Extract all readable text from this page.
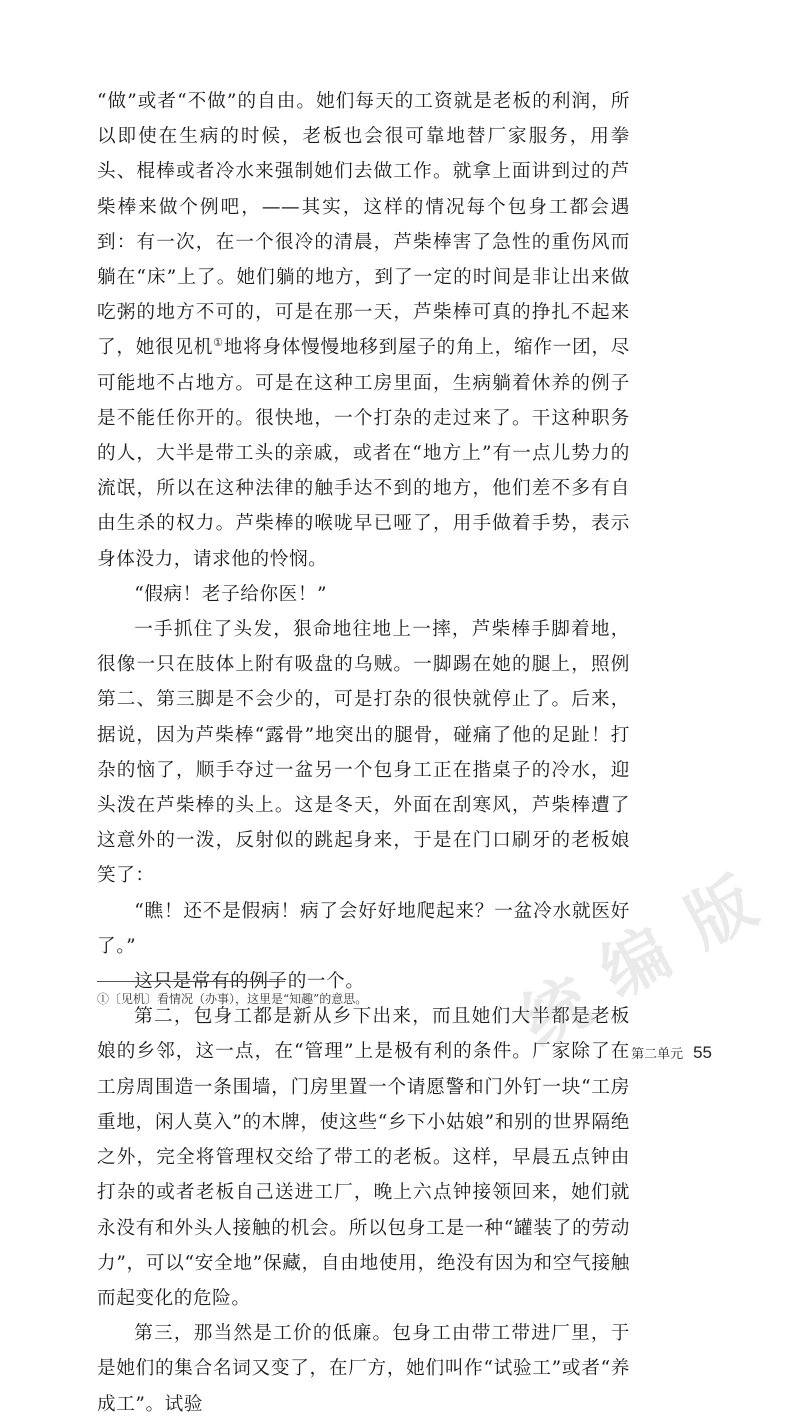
“做”或者“不做”的自由。她们每天的工资就是老板的利润，所以即使在生病的时候，老板也会很可靠地替厂家服务，用拳头、棍棒或者冷水来强制她们去做工作。就拿上面讲到过的芦柴棒来做个例吧，——其实，这样的情况每个包身工都会遇到：有一次，在一个很冷的清晨，芦柴棒害了急性的重伤风而躺在“床”上了。她们躺的地方，到了一定的时间是非让出来做吃粥的地方不可的，可是在那一天，芦柴棒可真的挣扎不起来了，她很见机①地将身体慢慢地移到屋子的角上，缩作一团，尽可能地不占地方。可是在这种工房里面，生病躺着休养的例子是不能任你开的。很快地，一个打杂的走过来了。干这种职务的人，大半是带工头的亲戚，或者在“地方上”有一点儿势力的流氓，所以在这种法律的触手达不到的地方，他们差不多有自由生杀的权力。芦柴棒的喉咙早已哑了，用手做着手势，表示身体没力，请求他的怜悯。

“假病！老子给你医！”

一手抓住了头发，狠命地往地上一摔，芦柴棒手脚着地，很像一只在肢体上附有吸盘的乌贼。一脚踢在她的腿上，照例第二、第三脚是不会少的，可是打杂的很快就停止了。后来，据说，因为芦柴棒“露骨”地突出的腿骨，碰痛了他的足趾！打杂的恼了，顺手夺过一盆另一个包身工正在揩桌子的冷水，迎头泼在芦柴棒的头上。这是冬天，外面在刮寒风，芦柴棒遭了这意外的一泼，反射似的跳起身来，于是在门口刷牙的老板娘笑了：

“瞧！还不是假病！病了会好好地爬起来？一盆冷水就医好了。”

这只是常有的例子的一个。

第二，包身工都是新从乡下出来，而且她们大半都是老板娘的乡邻，这一点，在“管理”上是极有利的条件。厂家除了在工房周围造一条围墙，门房里置一个请愿警和门外钉一块“工房重地，闲人莫入”的木牌，使这些“乡下小姑娘”和别的世界隔绝之外，完全将管理权交给了带工的老板。这样，早晨五点钟由打杂的或者老板自己送进工厂，晚上六点钟接领回来，她们就永没有和外头人接触的机会。所以包身工是一种“罐装了的劳动力”，可以“安全地”保藏，自由地使用，绝没有因为和空气接触而起变化的危险。

第三，那当然是工价的低廉。包身工由带工带进厂里，于是她们的集合名词又变了，在厂方，她们叫作“试验工”或者“养成工”。试验

统
编
版
①〔见机〕看情况（办事），这里是“知趣”的意思。
第二单元 55
